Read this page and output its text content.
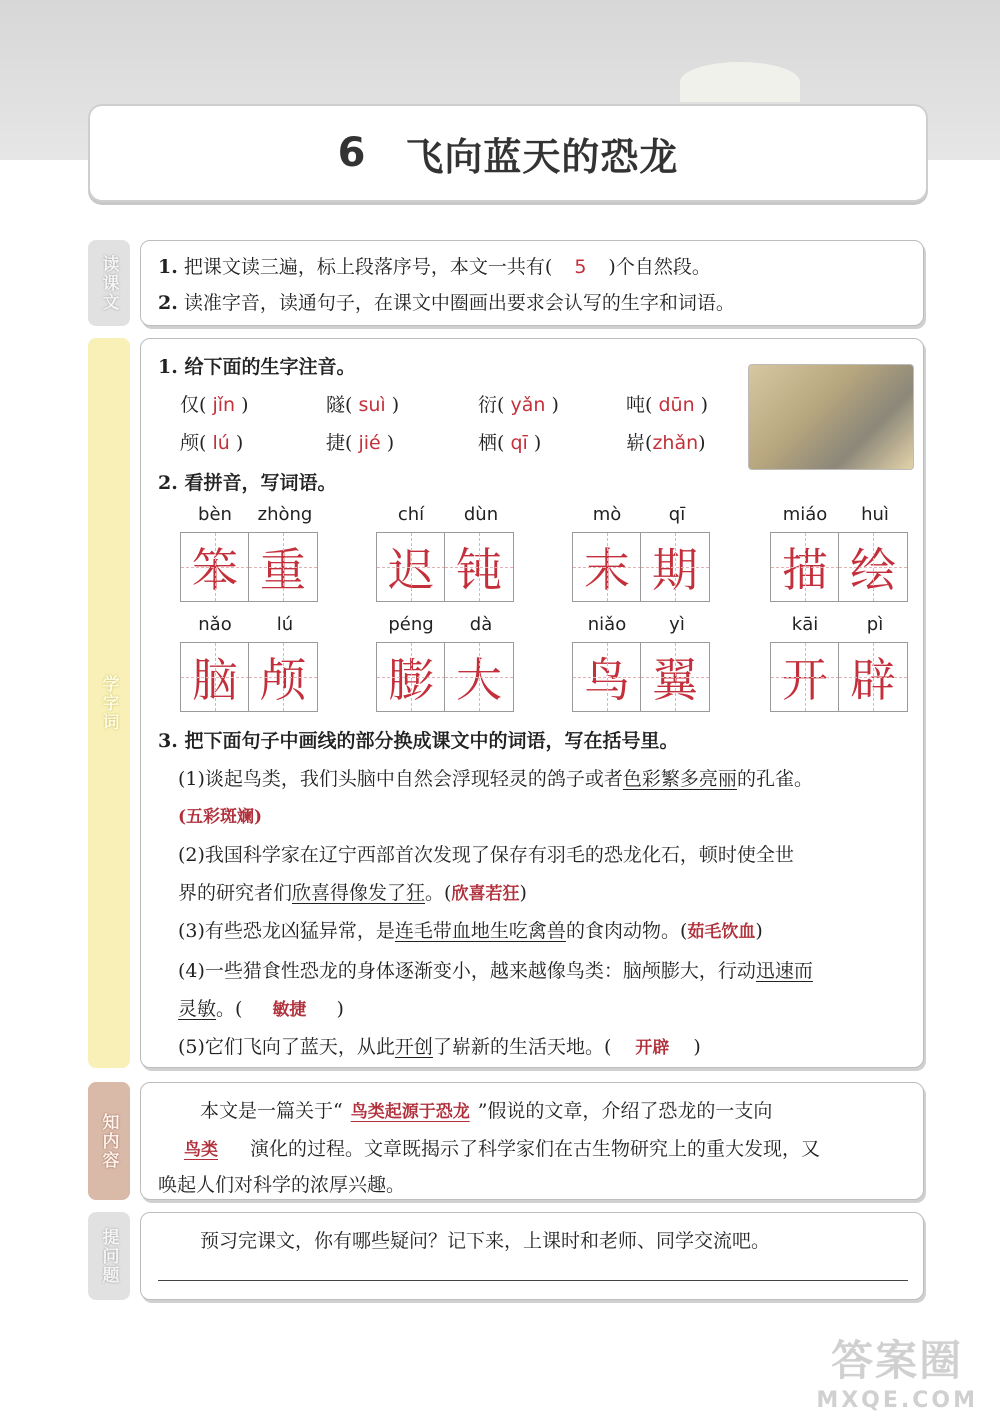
6 飞向蓝天的恐龙
读课文	1. 把课文读三遍，标上段落序号，本文一共有( 5 )个自然段。
2. 读准字音，读通句子，在课文中圈画出要求会认写的生字和词语。
学字词
1. 给下面的生字注音。
仅( jǐn )	隧( suì )	衍( yǎn )	吨( dūn )
颅( lú )	捷( jié )	栖( qī )	崭(zhǎn)
2. 看拼音，写词语。
bèn	zhòng
笨 重
chí	dùn
迟 钝
mò	qī
末 期
miáo	huì
描 绘
nǎo	lú
脑 颅
péng	dà
膨 大
niǎo	yì
鸟 翼
kāi	pì
开 辟
3. 把下面句子中画线的部分换成课文中的词语，写在括号里。
(1)谈起鸟类，我们头脑中自然会浮现轻灵的鸽子或者色彩繁多亮丽的孔雀。
(五彩斑斓)
(2)我国科学家在辽宁西部首次发现了保存有羽毛的恐龙化石，顿时使全世
界的研究者们欣喜得像发了狂。(欣喜若狂)
(3)有些恐龙凶猛异常，是连毛带血地生吃禽兽的食肉动物。(茹毛饮血)
(4)一些猎食性恐龙的身体逐渐变小，越来越像鸟类：脑颅膨大，行动迅速而
灵敏。( 敏捷 )
(5)它们飞向了蓝天，从此开创了崭新的生活天地。( 开辟 )
知内容
本文是一篇关于“ 鸟类起源于恐龙 ”假说的文章，介绍了恐龙的一支向
鸟类 演化的过程。文章既揭示了科学家们在古生物研究上的重大发现，又
唤起人们对科学的浓厚兴趣。
提问题	预习完课文，你有哪些疑问？记下来，上课时和老师、同学交流吧。
答案圈
MXQE.COM
